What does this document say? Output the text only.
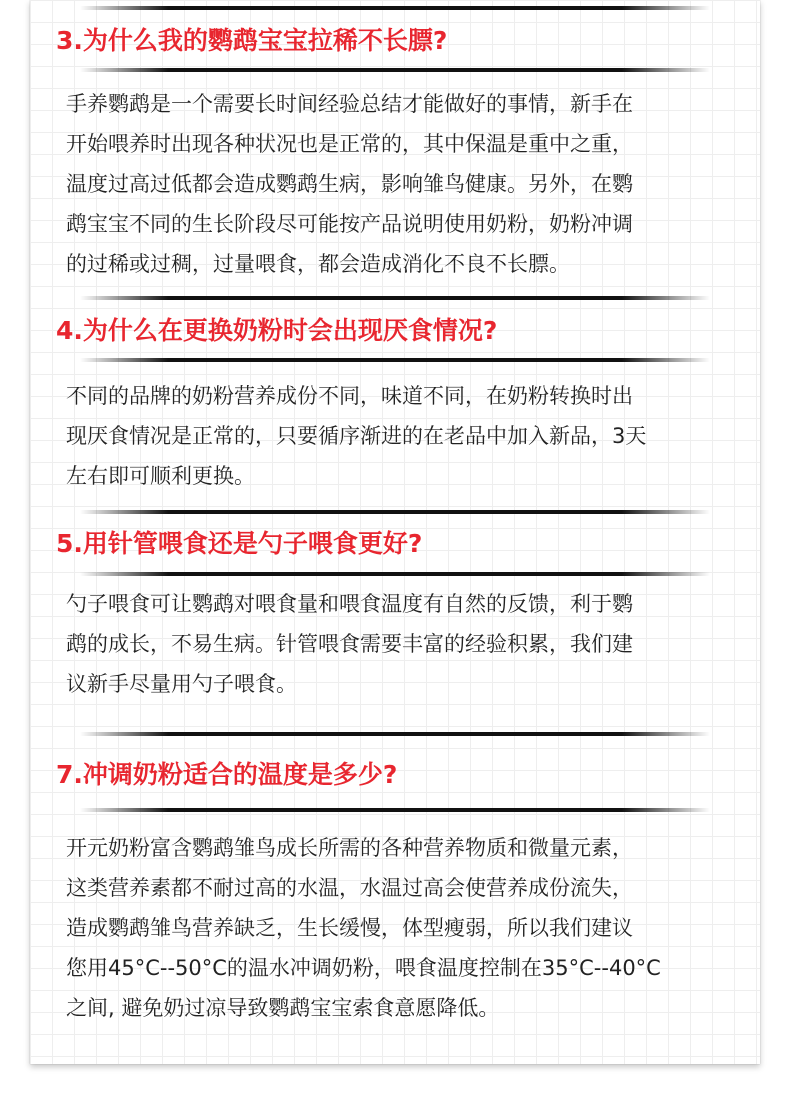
3.为什么我的鹦鹉宝宝拉稀不长膘?
手养鹦鹉是一个需要长时间经验总结才能做好的事情，新手在
开始喂养时出现各种状况也是正常的，其中保温是重中之重，
温度过高过低都会造成鹦鹉生病，影响雏鸟健康。另外，在鹦
鹉宝宝不同的生长阶段尽可能按产品说明使用奶粉，奶粉冲调
的过稀或过稠，过量喂食，都会造成消化不良不长膘。
4.为什么在更换奶粉时会出现厌食情况?
不同的品牌的奶粉营养成份不同，味道不同，在奶粉转换时出
现厌食情况是正常的，只要循序渐进的在老品中加入新品，3天
左右即可顺利更换。
5.用针管喂食还是勺子喂食更好?
勺子喂食可让鹦鹉对喂食量和喂食温度有自然的反馈，利于鹦
鹉的成长，不易生病。针管喂食需要丰富的经验积累，我们建
议新手尽量用勺子喂食。
7.冲调奶粉适合的温度是多少?
开元奶粉富含鹦鹉雏鸟成长所需的各种营养物质和微量元素，
这类营养素都不耐过高的水温，水温过高会使营养成份流失，
造成鹦鹉雏鸟营养缺乏，生长缓慢，体型瘦弱，所以我们建议
您用45°C--50°C的温水冲调奶粉，喂食温度控制在35°C--40°C
之间, 避免奶过凉导致鹦鹉宝宝索食意愿降低。
